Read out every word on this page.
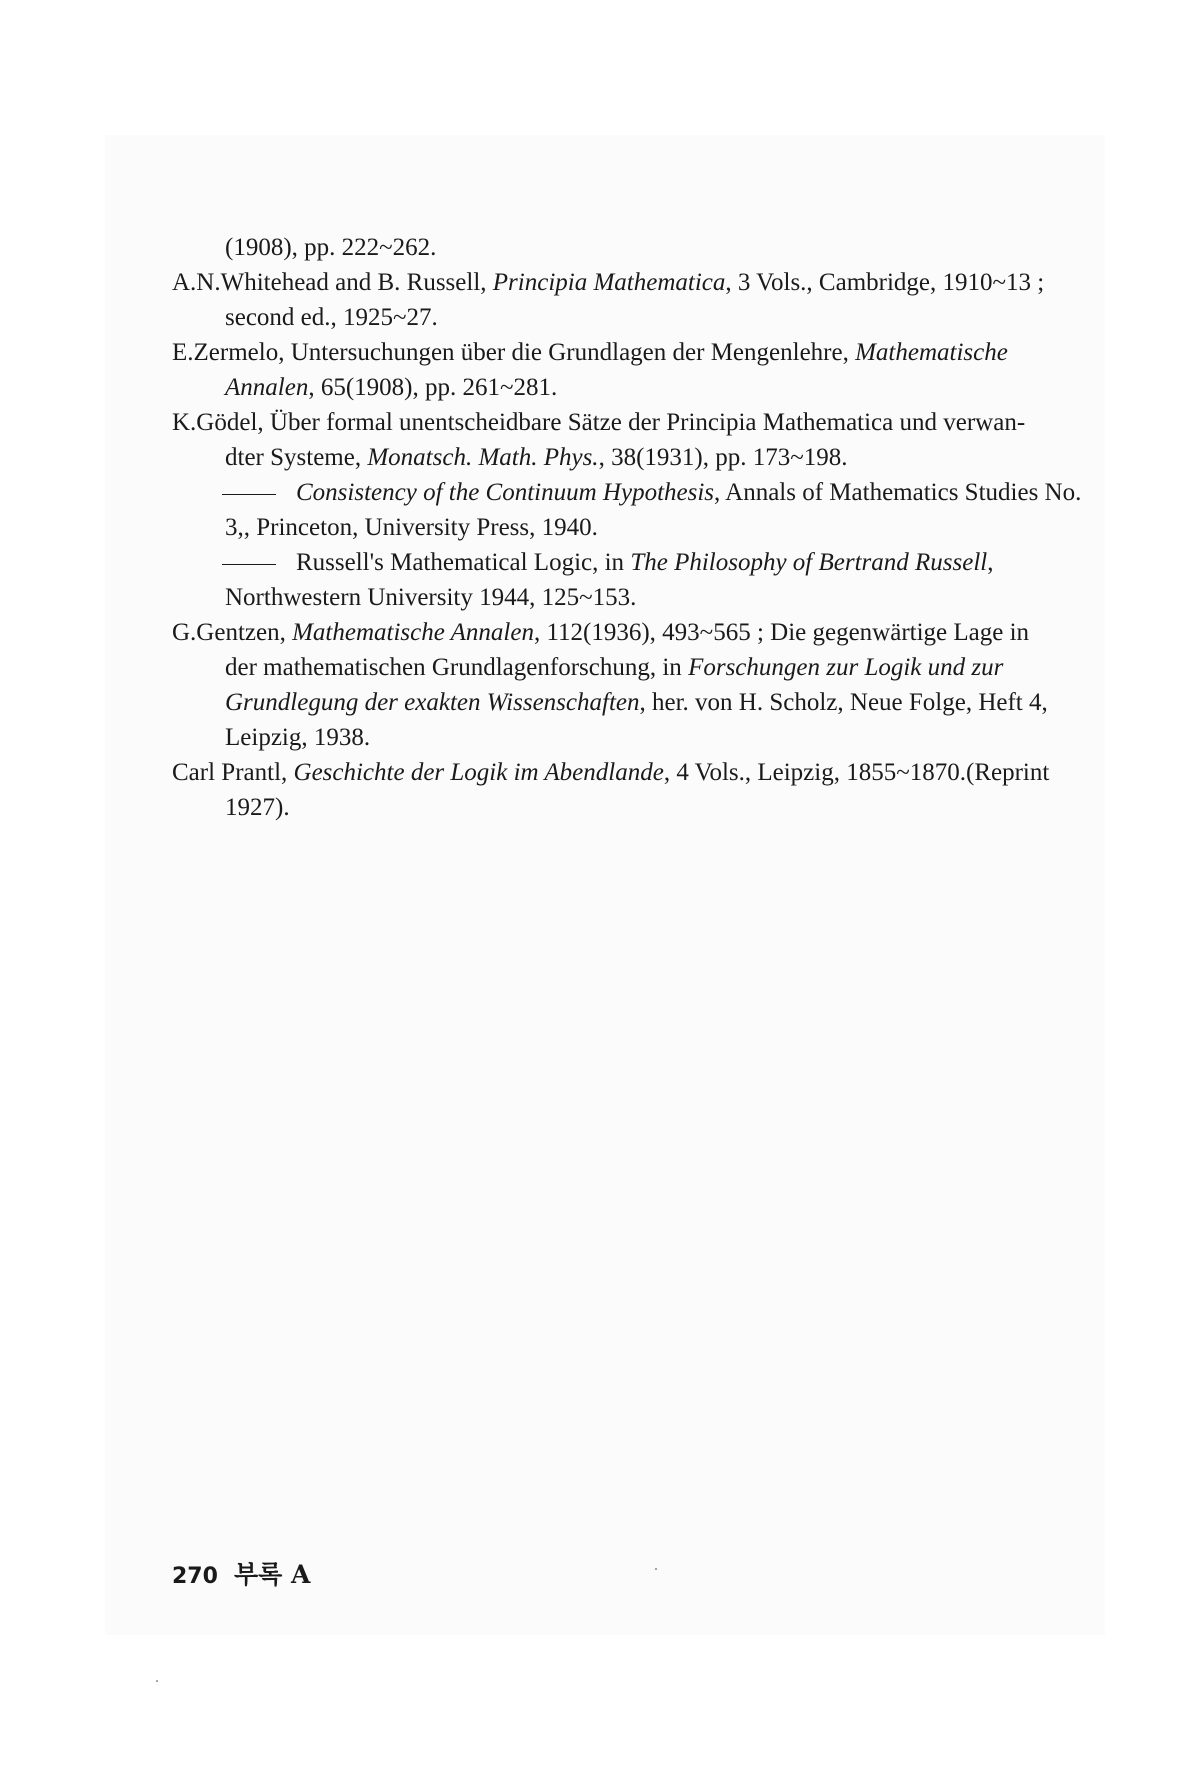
(1908), pp. 222~262.

A.N.Whitehead and B. Russell, Principia Mathematica, 3 Vols., Cambridge, 1910~13 ;
second ed., 1925~27.

E.Zermelo, Untersuchungen über die Grundlagen der Mengenlehre, Mathematische
Annalen, 65(1908), pp. 261~281.

K.Gödel, Über formal unentscheidbare Sätze der Principia Mathematica und verwan-
dter Systeme, Monatsch. Math. Phys., 38(1931), pp. 173~198.

Consistency of the Continuum Hypothesis, Annals of Mathematics Studies No.
3,, Princeton, University Press, 1940.

Russell's Mathematical Logic, in The Philosophy of Bertrand Russell,
Northwestern University 1944, 125~153.

G.Gentzen, Mathematische Annalen, 112(1936), 493~565 ; Die gegenwärtige Lage in
der mathematischen Grundlagenforschung, in Forschungen zur Logik und zur
Grundlegung der exakten Wissenschaften, her. von H. Scholz, Neue Folge, Heft 4,
Leipzig, 1938.

Carl Prantl, Geschichte der Logik im Abendlande, 4 Vols., Leipzig, 1855~1870.(Reprint
1927).

270 부록 A
